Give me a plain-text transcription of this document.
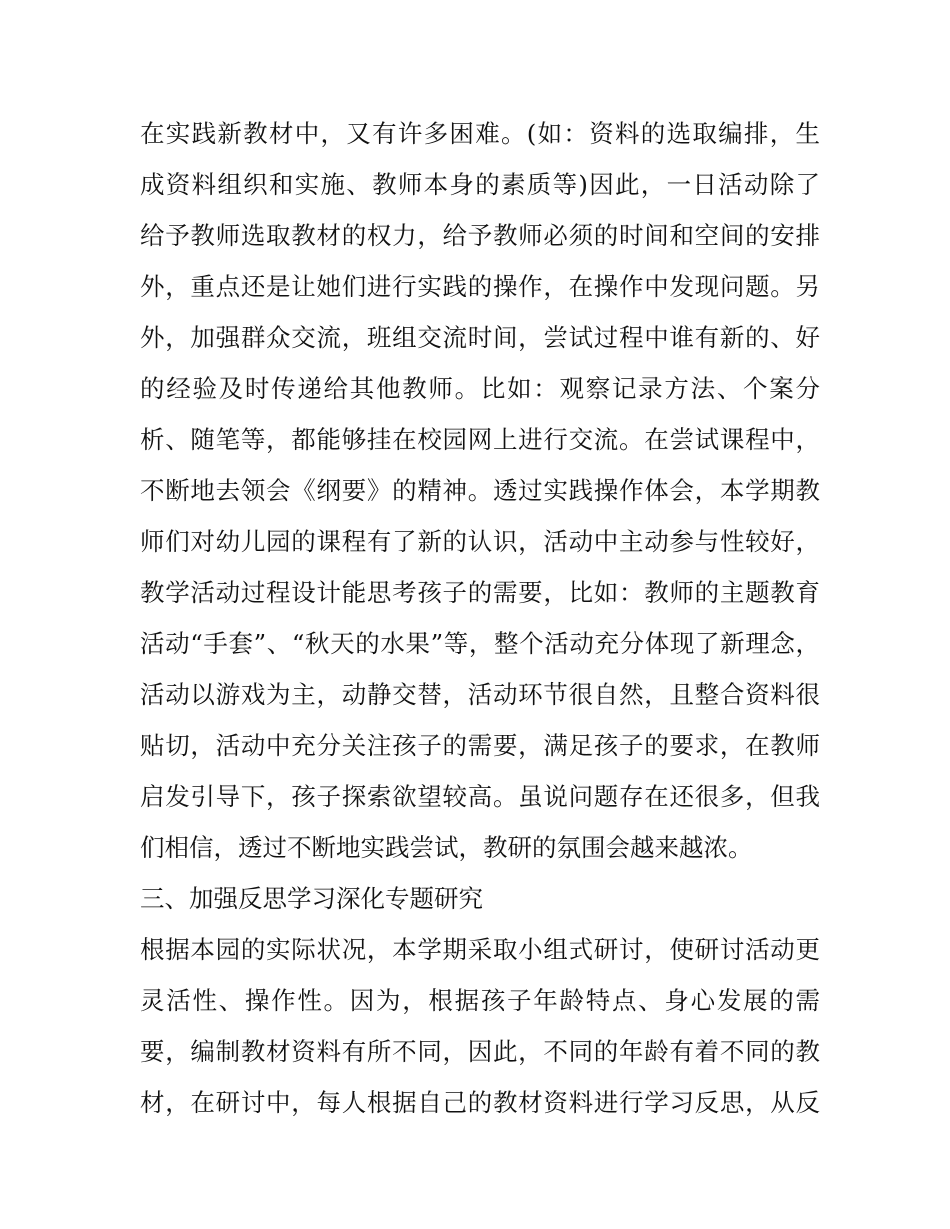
在实践新教材中，又有许多困难。(如：资料的选取编排，生
成资料组织和实施、教师本身的素质等)因此，一日活动除了
给予教师选取教材的权力，给予教师必须的时间和空间的安排
外，重点还是让她们进行实践的操作，在操作中发现问题。另
外，加强群众交流，班组交流时间，尝试过程中谁有新的、好
的经验及时传递给其他教师。比如：观察记录方法、个案分
析、随笔等，都能够挂在校园网上进行交流。在尝试课程中，
不断地去领会《纲要》的精神。透过实践操作体会，本学期教
师们对幼儿园的课程有了新的认识，活动中主动参与性较好，
教学活动过程设计能思考孩子的需要，比如：教师的主题教育
活动“手套”、“秋天的水果”等，整个活动充分体现了新理念，
活动以游戏为主，动静交替，活动环节很自然，且整合资料很
贴切，活动中充分关注孩子的需要，满足孩子的要求，在教师
启发引导下，孩子探索欲望较高。虽说问题存在还很多，但我
们相信，透过不断地实践尝试，教研的氛围会越来越浓。
三、加强反思学习深化专题研究
根据本园的实际状况，本学期采取小组式研讨，使研讨活动更
灵活性、操作性。因为，根据孩子年龄特点、身心发展的需
要，编制教材资料有所不同，因此，不同的年龄有着不同的教
材，在研讨中，每人根据自己的教材资料进行学习反思，从反
